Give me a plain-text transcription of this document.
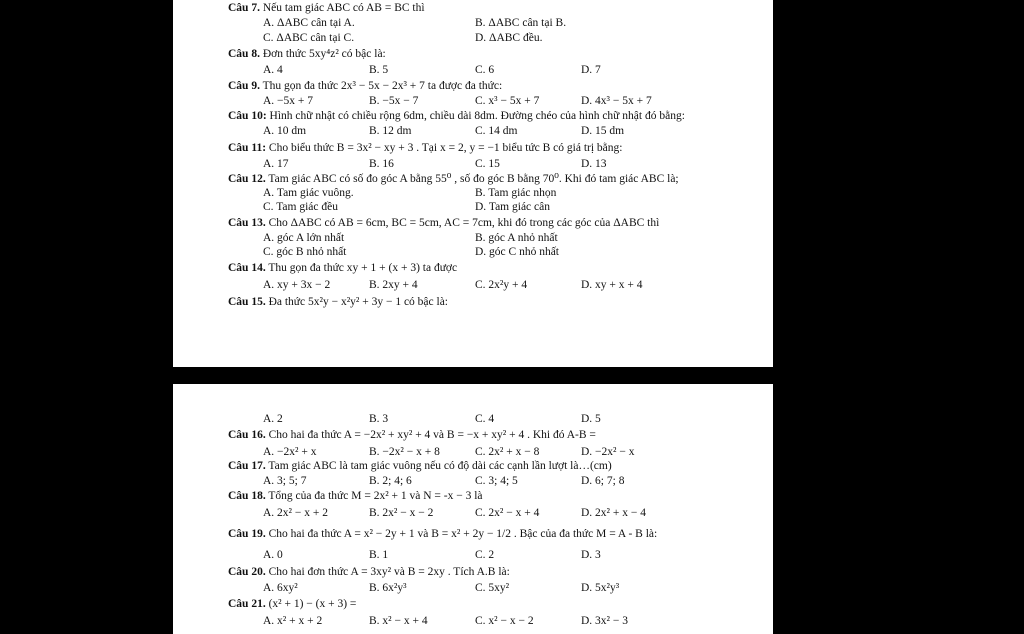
Câu 7. Nếu tam giác ABC có AB = BC thì
A. ΔABC cân tại A.	B. ΔABC cân tại B.
C. ΔABC cân tại C.	D. ΔABC đều.
Câu 8. Đơn thức 5xy⁴z² có bậc là:
A. 4	B. 5	C. 6	D. 7
Câu 9. Thu gọn đa thức 2x³ − 5x − 2x³ + 7 ta được đa thức:
A. −5x + 7	B. −5x − 7	C. x³ − 5x + 7	D. 4x³ − 5x + 7
Câu 10: Hình chữ nhật có chiều rộng 6dm, chiều dài 8dm. Đường chéo của hình chữ nhật đó bằng:
A. 10 dm	B. 12 dm	C. 14 dm	D. 15 dm
Câu 11: Cho biểu thức B = 3x² − xy + 3 . Tại x = 2, y = −1 biểu tức B có giá trị bằng:
A. 17	B. 16	C. 15	D. 13
Câu 12. Tam giác ABC có số đo góc A bằng 55⁰ , số đo góc B bằng 70⁰. Khi đó tam giác ABC là;
A. Tam giác vuông.	B. Tam giác nhọn
C. Tam giác đều	D. Tam giác cân
Câu 13. Cho ΔABC có AB = 6cm, BC = 5cm, AC = 7cm, khi đó trong các góc của ΔABC thì
A. góc A lớn nhất	B. góc A nhỏ nhất
C. góc B nhỏ nhất	D. góc C nhỏ nhất
Câu 14. Thu gọn đa thức xy + 1 + (x + 3) ta được
A. xy + 3x − 2	B. 2xy + 4	C. 2x²y + 4	D. xy + x + 4
Câu 15. Đa thức 5x²y − x²y² + 3y − 1 có bậc là:
A. 2	B. 3	C. 4	D. 5
Câu 16. Cho hai đa thức A = −2x² + xy² + 4 và B = −x + xy² + 4 . Khi đó A-B =
A. −2x² + x	B. −2x² − x + 8	C. 2x² + x − 8	D. −2x² − x
Câu 17. Tam giác ABC là tam giác vuông nếu có độ dài các cạnh lần lượt là…(cm)
A. 3; 5; 7	B. 2; 4; 6	C. 3; 4; 5	D. 6; 7; 8
Câu 18. Tổng của đa thức M = 2x² + 1 và N = -x − 3 là
A. 2x² − x + 2	B. 2x² − x − 2	C. 2x² − x + 4	D. 2x² + x − 4
Câu 19. Cho hai đa thức A = x² − 2y + 1 và B = x² + 2y − 1/2 . Bậc của đa thức M = A - B là:
A. 0	B. 1	C. 2	D. 3
Câu 20. Cho hai đơn thức A = 3xy² và B = 2xy . Tích A.B là:
A. 6xy²	B. 6x²y³	C. 5xy²	D. 5x²y³
Câu 21. (x² + 1) − (x + 3) =
A. x² + x + 2	B. x² − x + 4	C. x² − x − 2	D. 3x² − 3
